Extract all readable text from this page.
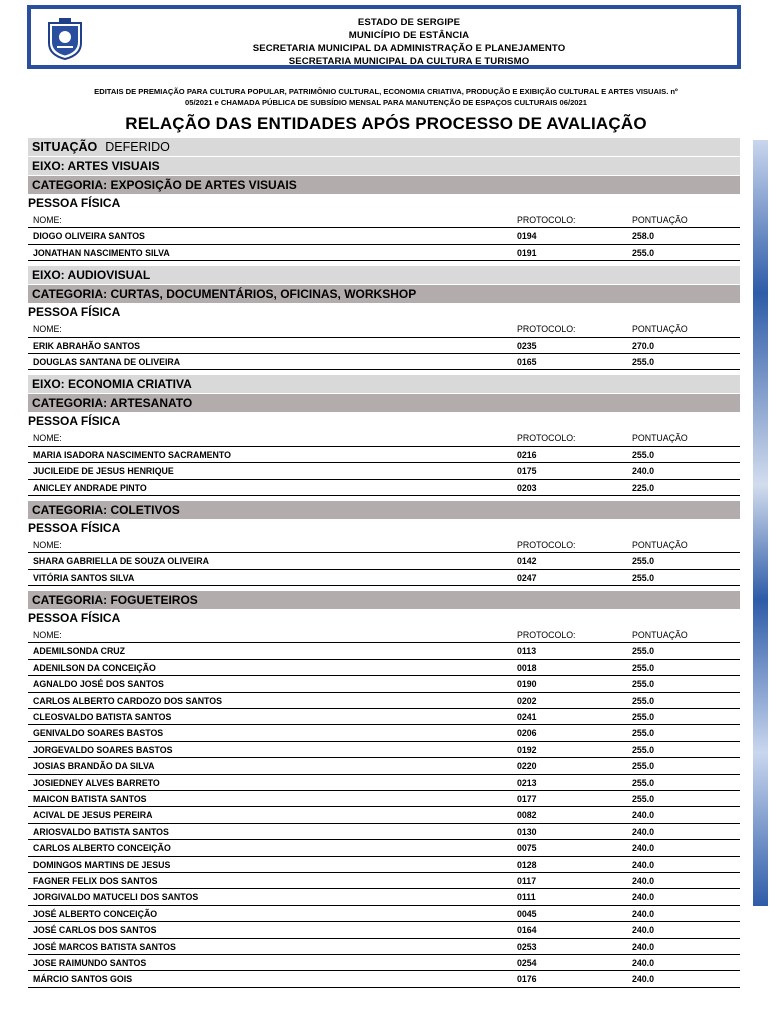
ESTADO DE SERGIPE
MUNICÍPIO DE ESTÂNCIA
SECRETARIA MUNICIPAL DA ADMINISTRAÇÃO E PLANEJAMENTO
SECRETARIA MUNICIPAL DA CULTURA E TURISMO
EDITAIS DE PREMIAÇÃO PARA CULTURA POPULAR, PATRIMÔNIO CULTURAL, ECONOMIA CRIATIVA, PRODUÇÃO E EXIBIÇÃO CULTURAL E ARTES VISUAIS. nº
05/2021 e CHAMADA PÚBLICA DE SUBSÍDIO MENSAL PARA MANUTENÇÃO DE ESPAÇOS CULTURAIS 06/2021
RELAÇÃO DAS ENTIDADES APÓS PROCESSO DE AVALIAÇÃO
SITUAÇÃO DEFERIDO
EIXO: ARTES VISUAIS
CATEGORIA: EXPOSIÇÃO DE ARTES VISUAIS
PESSOA FÍSICA
NOME:	PROTOCOLO:	PONTUAÇÃO
DIOGO OLIVEIRA SANTOS	0194	258.0
JONATHAN NASCIMENTO SILVA	0191	255.0
EIXO: AUDIOVISUAL
CATEGORIA: CURTAS, DOCUMENTÁRIOS, OFICINAS, WORKSHOP
PESSOA FÍSICA
NOME:	PROTOCOLO:	PONTUAÇÃO
ERIK ABRAHÃO SANTOS	0235	270.0
DOUGLAS SANTANA DE OLIVEIRA	0165	255.0
EIXO: ECONOMIA CRIATIVA
CATEGORIA: ARTESANATO
PESSOA FÍSICA
NOME:	PROTOCOLO:	PONTUAÇÃO
MARIA ISADORA NASCIMENTO SACRAMENTO	0216	255.0
JUCILEIDE DE JESUS HENRIQUE	0175	240.0
ANICLEY ANDRADE PINTO	0203	225.0
CATEGORIA: COLETIVOS
PESSOA FÍSICA
NOME:	PROTOCOLO:	PONTUAÇÃO
SHARA GABRIELLA DE SOUZA OLIVEIRA	0142	255.0
VITÓRIA SANTOS SILVA	0247	255.0
CATEGORIA: FOGUETEIROS
PESSOA FÍSICA
NOME:	PROTOCOLO:	PONTUAÇÃO
ADEMILSONDA CRUZ	0113	255.0
ADENILSON DA CONCEIÇÃO	0018	255.0
AGNALDO JOSÉ DOS SANTOS	0190	255.0
CARLOS ALBERTO CARDOZO DOS SANTOS	0202	255.0
CLEOSVALDO BATISTA SANTOS	0241	255.0
GENIVALDO SOARES BASTOS	0206	255.0
JORGEVALDO SOARES BASTOS	0192	255.0
JOSIAS BRANDÃO DA SILVA	0220	255.0
JOSIEDNEY ALVES BARRETO	0213	255.0
MAICON BATISTA SANTOS	0177	255.0
ACIVAL DE JESUS PEREIRA	0082	240.0
ARIOSVALDO BATISTA SANTOS	0130	240.0
CARLOS ALBERTO CONCEIÇÃO	0075	240.0
DOMINGOS MARTINS DE JESUS	0128	240.0
FAGNER FELIX DOS SANTOS	0117	240.0
JORGIVALDO MATUCELI DOS SANTOS	0111	240.0
JOSÉ ALBERTO CONCEIÇÃO	0045	240.0
JOSÉ CARLOS DOS SANTOS	0164	240.0
JOSÉ MARCOS BATISTA SANTOS	0253	240.0
JOSE RAIMUNDO SANTOS	0254	240.0
MÁRCIO SANTOS GOIS	0176	240.0
IMPRENSA OFICIAL DO MUNICÍPIO - DOCUMENTO ASSINADO DIGITALMENTE - PREFEITURA DE ESTÂNCIA SE
21456.2039.20031.20231.2
